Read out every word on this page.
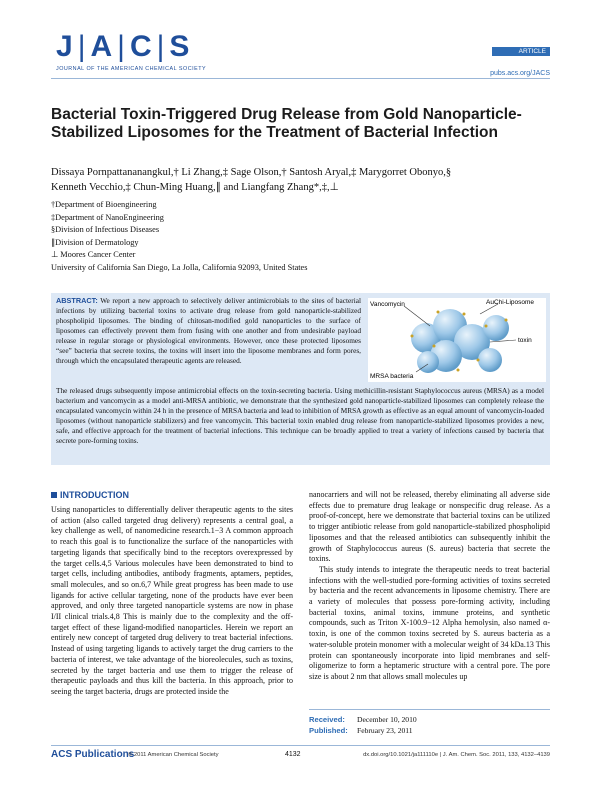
J | A | C | S
JOURNAL OF THE AMERICAN CHEMICAL SOCIETY
ARTICLE
pubs.acs.org/JACS
Bacterial Toxin-Triggered Drug Release from Gold Nanoparticle-Stabilized Liposomes for the Treatment of Bacterial Infection
Dissaya Pornpattananangkul,† Li Zhang,‡ Sage Olson,† Santosh Aryal,‡ Marygorret Obonyo,§
Kenneth Vecchio,‡ Chun-Ming Huang,∥ and Liangfang Zhang*,‡,⊥
†Department of Bioengineering
‡Department of NanoEngineering
§Division of Infectious Diseases
∥Division of Dermatology
⊥ Moores Cancer Center
University of California San Diego, La Jolla, California 92093, United States
ABSTRACT: We report a new approach to selectively deliver antimicrobials to the sites of bacterial infections by utilizing bacterial toxins to activate drug release from gold nanoparticle-stabilized phospholipid liposomes. The binding of chitosan-modified gold nanoparticles to the surface of liposomes can effectively prevent them from fusing with one another and from undesirable payload release in regular storage or physiological environments. However, once these protected liposomes “see” bacteria that secrete toxins, the toxins will insert into the liposome membranes and form pores, through which the encapsulated therapeutic agents are released.
The released drugs subsequently impose antimicrobial effects on the toxin-secreting bacteria. Using methicillin-resistant Staphylococcus aureus (MRSA) as a model bacterium and vancomycin as a model anti-MRSA antibiotic, we demonstrate that the synthesized gold nanoparticle-stabilized liposomes can completely release the encapsulated vancomycin within 24 h in the presence of MRSA bacteria and lead to inhibition of MRSA growth as effective as an equal amount of vancomycin-loaded liposomes (without nanoparticle stabilizers) and free vancomycin. This bacterial toxin enabled drug release from nanoparticle-stabilized liposomes provides a new, safe, and effective approach for the treatment of bacterial infections. This technique can be broadly applied to treat a variety of infections caused by bacteria that secrete pore-forming toxins.
Vancomycin	AuChi-Liposome
toxin
MRSA bacteria
INTRODUCTION
Using nanoparticles to differentially deliver therapeutic agents to the sites of action (also called targeted drug delivery) represents a central goal, a key challenge as well, of nanomedicine research.1−3 A common approach to reach this goal is to functionalize the surface of the nanoparticles with targeting ligands that specifically bind to the receptors overexpressed by the target cells.4,5 Various molecules have been demonstrated to bind to target cells, including antibodies, antibody fragments, aptamers, peptides, small molecules, and so on.6,7 While great progress has been made to use ligands for active cellular targeting, none of the products have ever been approved, and only three targeted nanoparticle systems are now in phase I/II clinical trials.4,8 This is mainly due to the complexity and the off-target effect of these ligand-modified nanoparticles. Herein we report an entirely new concept of targeted drug delivery to treat bacterial infections. Instead of using targeting ligands to actively target the drug carriers to the bacteria of interest, we take advantage of the bioreolecules, such as toxins, secreted by the target bacteria and use them to trigger the release of therapeutic payloads and thus kill the bacteria. In this approach, prior to seeing the target bacteria, drugs are protected inside the
nanocarriers and will not be released, thereby eliminating all adverse side effects due to premature drug leakage or nonspecific drug release. As a proof-of-concept, here we demonstrate that bacterial toxins can be utilized to trigger antibiotic release from gold nanoparticle-stabilized phospholipid liposomes and that the released antibiotics can subsequently inhibit the growth of Staphylococcus aureus (S. aureus) bacteria that secrete the toxins.
This study intends to integrate the therapeutic needs to treat bacterial infections with the well-studied pore-forming activities of toxins secreted by bacteria and the recent advancements in liposome chemistry. There are a variety of molecules that possess pore-forming activity, including bacterial toxins, animal toxins, immune proteins, and synthetic compounds, such as Triton X-100.9−12 Alpha hemolysin, also named α-toxin, is one of the common toxins secreted by S. aureus bacteria as a water-soluble protein monomer with a molecular weight of 34 kDa.13 This protein can spontaneously incorporate into lipid membranes and self-oligomerize to form a heptameric structure with a central pore. The pore size is about 2 nm that allows small molecules up
Received: December 10, 2010
Published: February 23, 2011
ACS Publications
© 2011 American Chemical Society	4132	dx.doi.org/10.1021/ja111110e | J. Am. Chem. Soc. 2011, 133, 4132–4139
